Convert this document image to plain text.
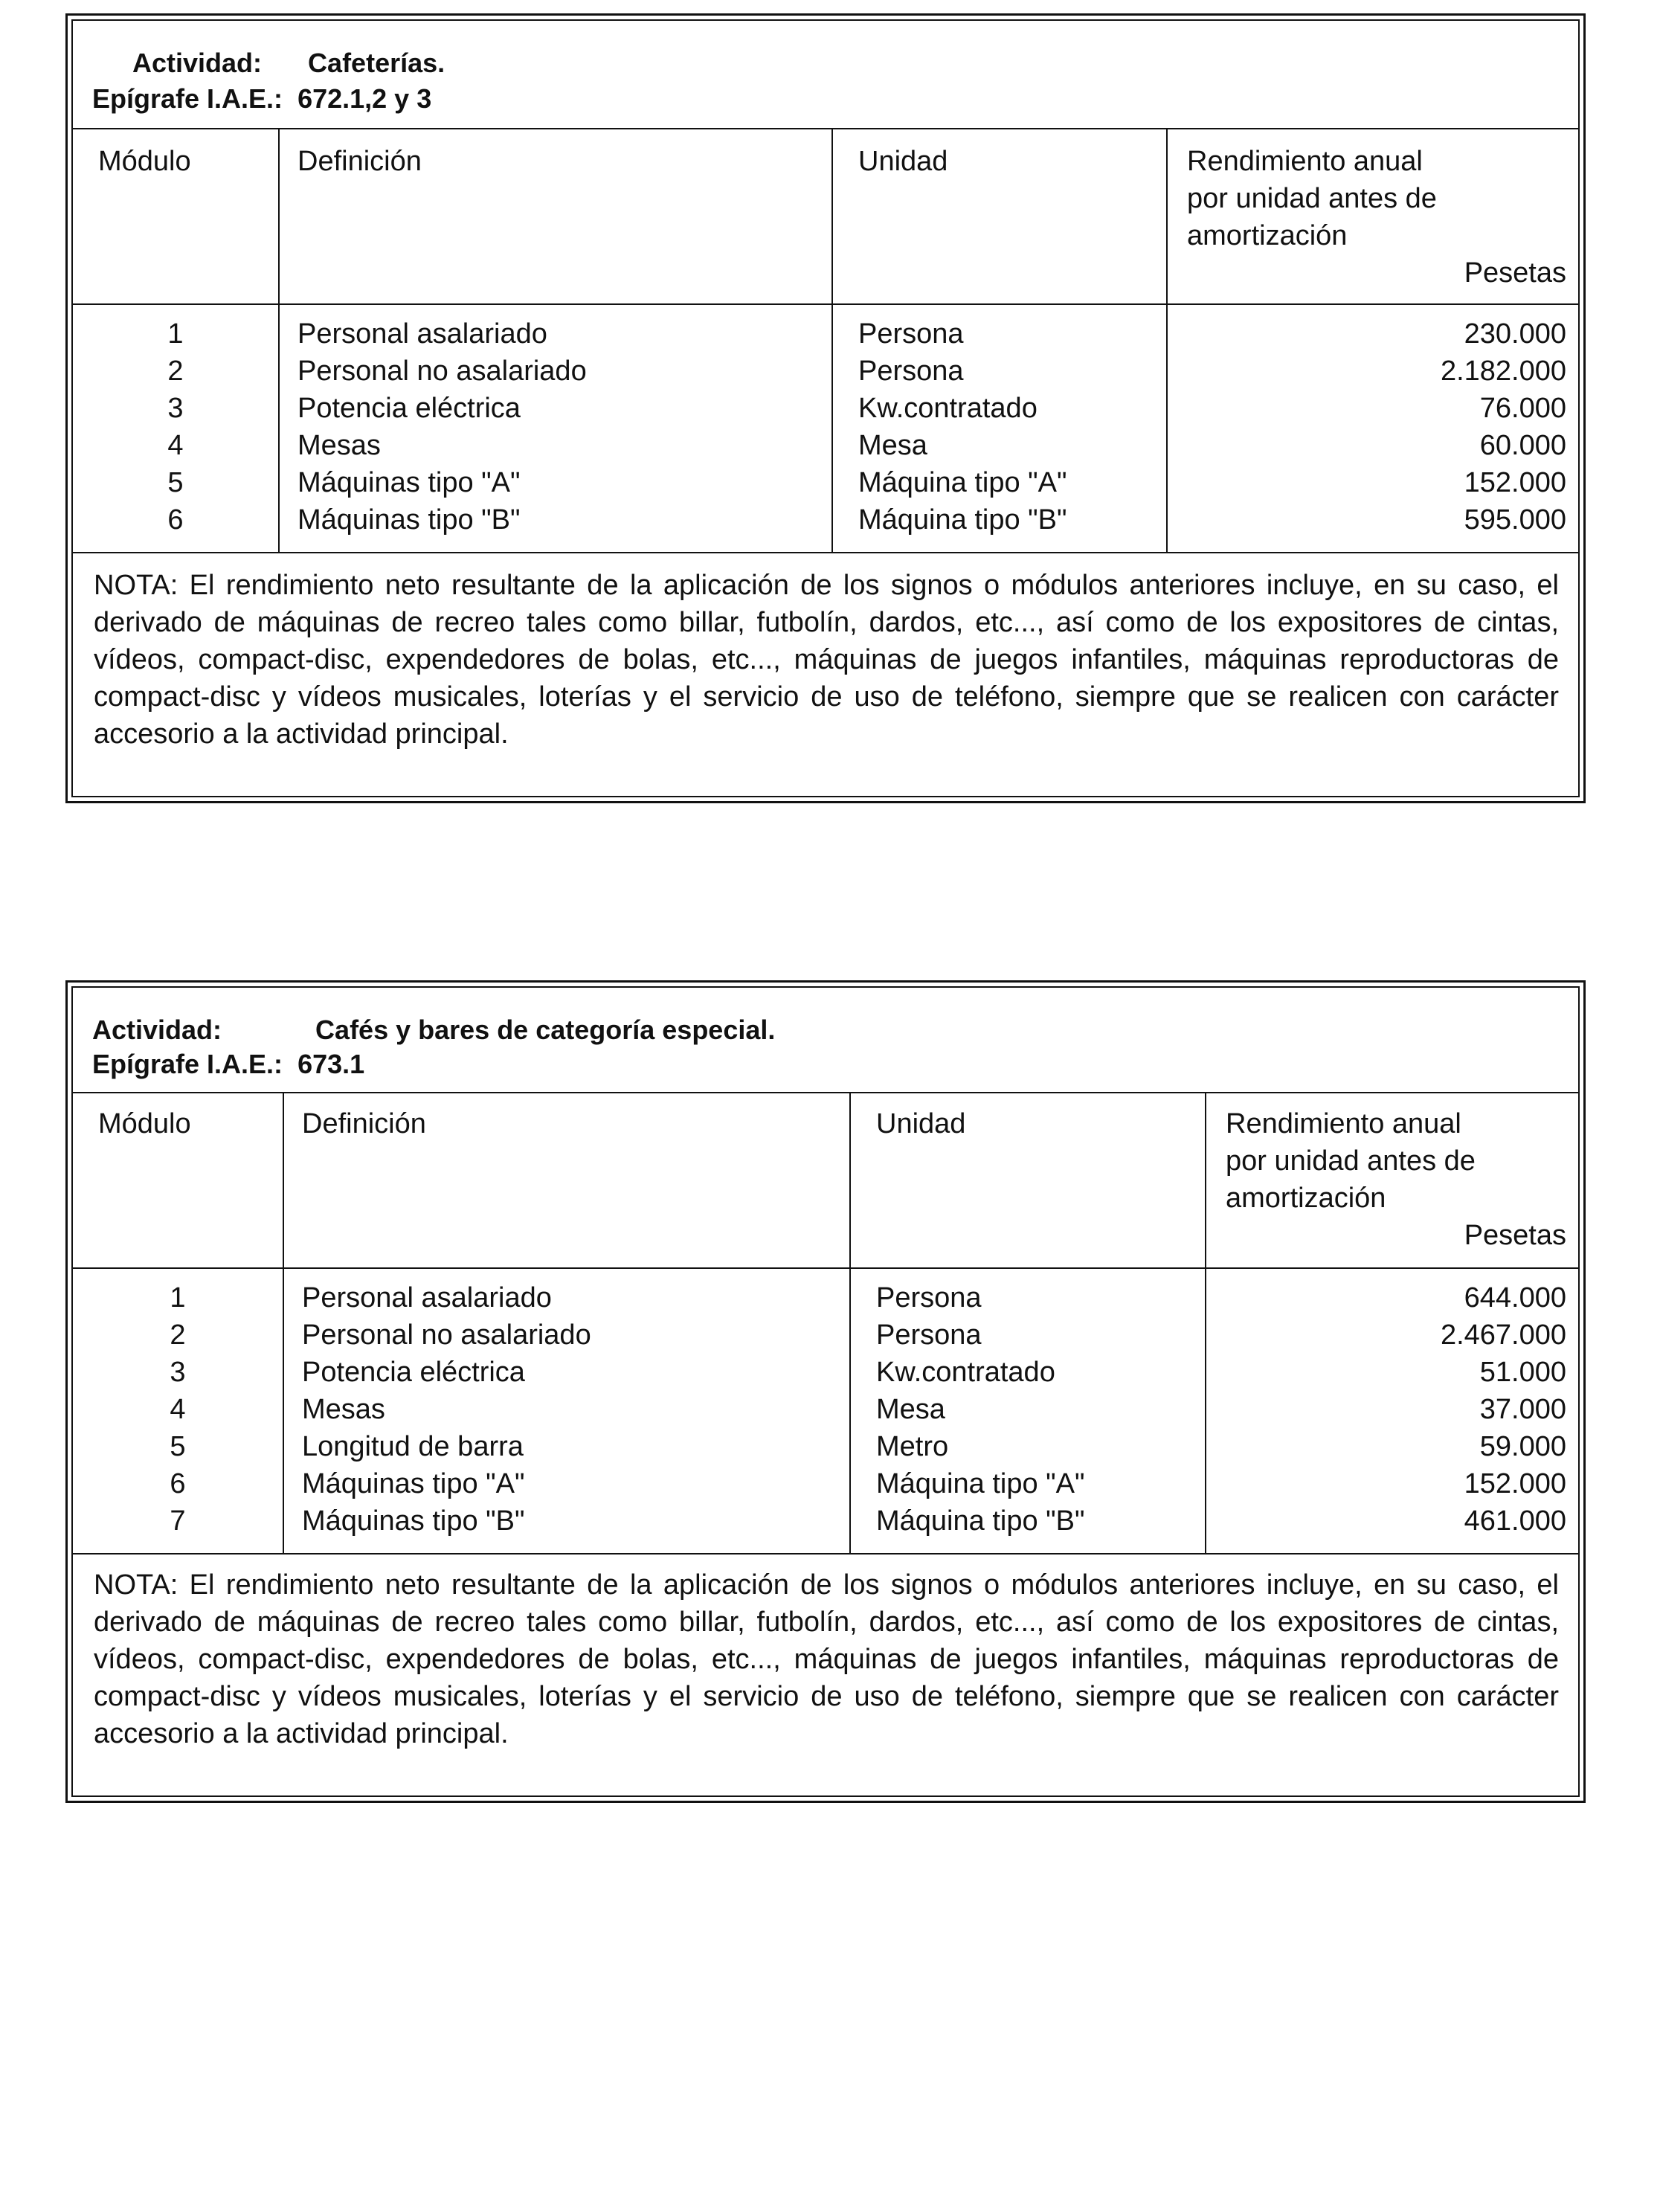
Actividad: Cafeterías.
Epígrafe I.A.E.: 672.1,2 y 3
Módulo	Definición	Unidad	Rendimiento anual
por unidad antes de
amortización
Pesetas
1	Personal asalariado	Persona	230.000
2	Personal no asalariado	Persona	2.182.000
3	Potencia eléctrica	Kw.contratado	76.000
4	Mesas	Mesa	60.000
5	Máquinas tipo "A"	Máquina tipo "A"	152.000
6	Máquinas tipo "B"	Máquina tipo "B"	595.000
NOTA: El rendimiento neto resultante de la aplicación de los signos o módulos anteriores incluye, en su caso, el derivado de máquinas de recreo tales como billar, futbolín, dardos, etc..., así como de los expositores de cintas, vídeos, compact-disc, expendedores de bolas, etc..., máquinas de juegos infantiles, máquinas reproductoras de compact-disc y vídeos musicales, loterías y el servicio de uso de teléfono, siempre que se realicen con carácter accesorio a la actividad principal.
Actividad:	Cafés y bares de categoría especial.
Epígrafe I.A.E.: 673.1
Módulo	Definición	Unidad	Rendimiento anual
por unidad antes de
amortización
Pesetas
1	Personal asalariado	Persona	644.000
2	Personal no asalariado	Persona	2.467.000
3	Potencia eléctrica	Kw.contratado	51.000
4	Mesas	Mesa	37.000
5	Longitud de barra	Metro	59.000
6	Máquinas tipo "A"	Máquina tipo "A"	152.000
7	Máquinas tipo "B"	Máquina tipo "B"	461.000
NOTA: El rendimiento neto resultante de la aplicación de los signos o módulos anteriores incluye, en su caso, el derivado de máquinas de recreo tales como billar, futbolín, dardos, etc..., así como de los expositores de cintas, vídeos, compact-disc, expendedores de bolas, etc..., máquinas de juegos infantiles, máquinas reproductoras de compact-disc y vídeos musicales, loterías y el servicio de uso de teléfono, siempre que se realicen con carácter accesorio a la actividad principal.
